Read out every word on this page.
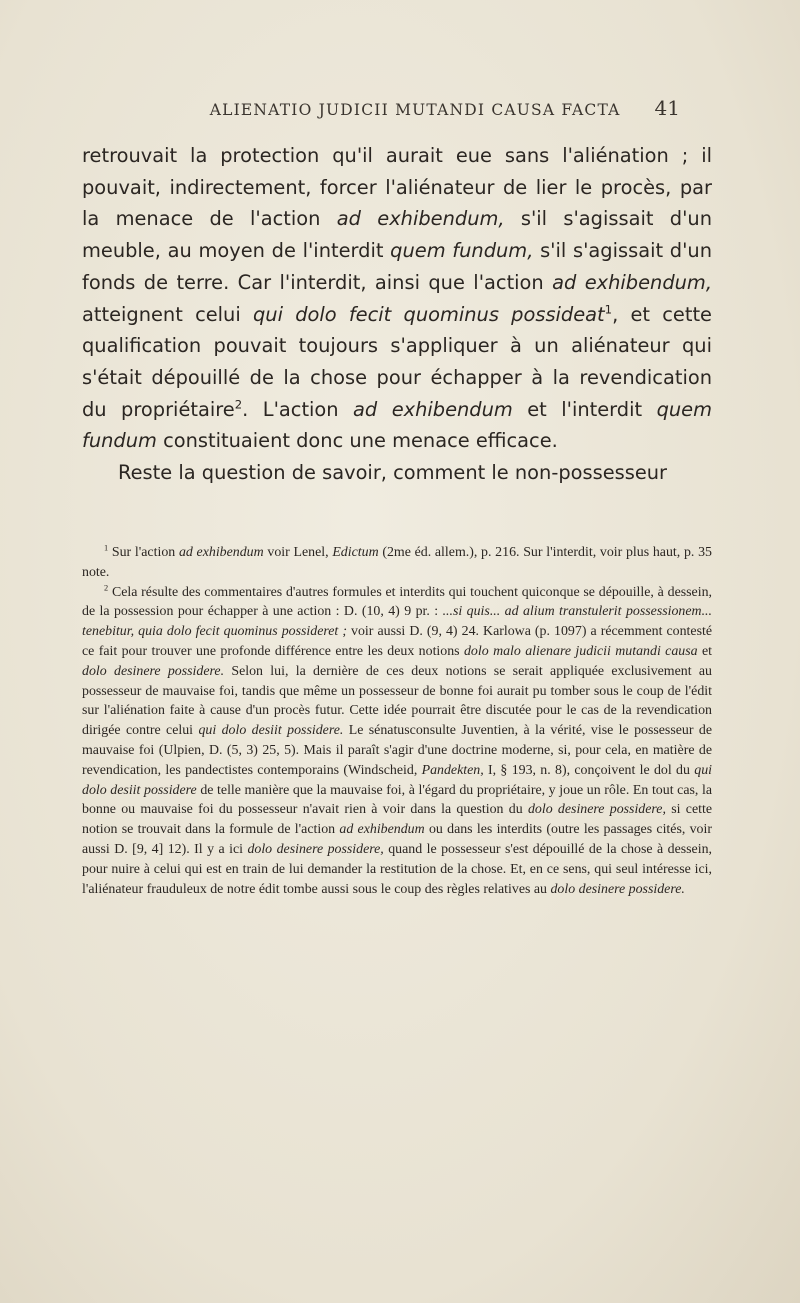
ALIENATIO JUDICII MUTANDI CAUSA FACTA 41

retrouvait la protection qu'il aurait eue sans l'aliénation ; il pouvait, indirectement, forcer l'aliénateur de lier le procès, par la menace de l'action ad exhibendum, s'il s'agissait d'un meuble, au moyen de l'interdit quem fundum, s'il s'agissait d'un fonds de terre. Car l'interdit, ainsi que l'action ad exhibendum, atteignent celui qui dolo fecit quominus possideat$^1$, et cette qualification pouvait toujours s'appliquer à un aliénateur qui s'était dépouillé de la chose pour échapper à la revendication du propriétaire$^2$. L'action ad exhibendum et l'interdit quem fundum constituaient donc une menace efficace.

Reste la question de savoir, comment le non-possesseur

$^1$ Sur l'action ad exhibendum voir Lenel, Edictum (2me éd. allem.), p. 216. Sur l'interdit, voir plus haut, p. 35 note.

$^2$ Cela résulte des commentaires d'autres formules et interdits qui touchent quiconque se dépouille, à dessein, de la possession pour échapper à une action : D. (10, 4) 9 pr. : ...si quis... ad alium transtulerit possessionem... tenebitur, quia dolo fecit quominus possideret ; voir aussi D. (9, 4) 24. Karlowa (p. 1097) a récemment contesté ce fait pour trouver une profonde différence entre les deux notions dolo malo alienare judicii mutandi causa et dolo desinere possidere. Selon lui, la dernière de ces deux notions se serait appliquée exclusivement au possesseur de mauvaise foi, tandis que même un possesseur de bonne foi aurait pu tomber sous le coup de l'édit sur l'aliénation faite à cause d'un procès futur. Cette idée pourrait être discutée pour le cas de la revendication dirigée contre celui qui dolo desiit possidere. Le sénatusconsulte Juventien, à la vérité, vise le possesseur de mauvaise foi (Ulpien, D. (5, 3) 25, 5). Mais il paraît s'agir d'une doctrine moderne, si, pour cela, en matière de revendication, les pandectistes contemporains (Windscheid, Pandekten, I, § 193, n. 8), conçoivent le dol du qui dolo desiit possidere de telle manière que la mauvaise foi, à l'égard du propriétaire, y joue un rôle. En tout cas, la bonne ou mauvaise foi du possesseur n'avait rien à voir dans la question du dolo desinere possidere, si cette notion se trouvait dans la formule de l'action ad exhibendum ou dans les interdits (outre les passages cités, voir aussi D. [9, 4] 12). Il y a ici dolo desinere possidere, quand le possesseur s'est dépouillé de la chose à dessein, pour nuire à celui qui est en train de lui demander la restitution de la chose. Et, en ce sens, qui seul intéresse ici, l'aliénateur frauduleux de notre édit tombe aussi sous le coup des règles relatives au dolo desinere possidere.
